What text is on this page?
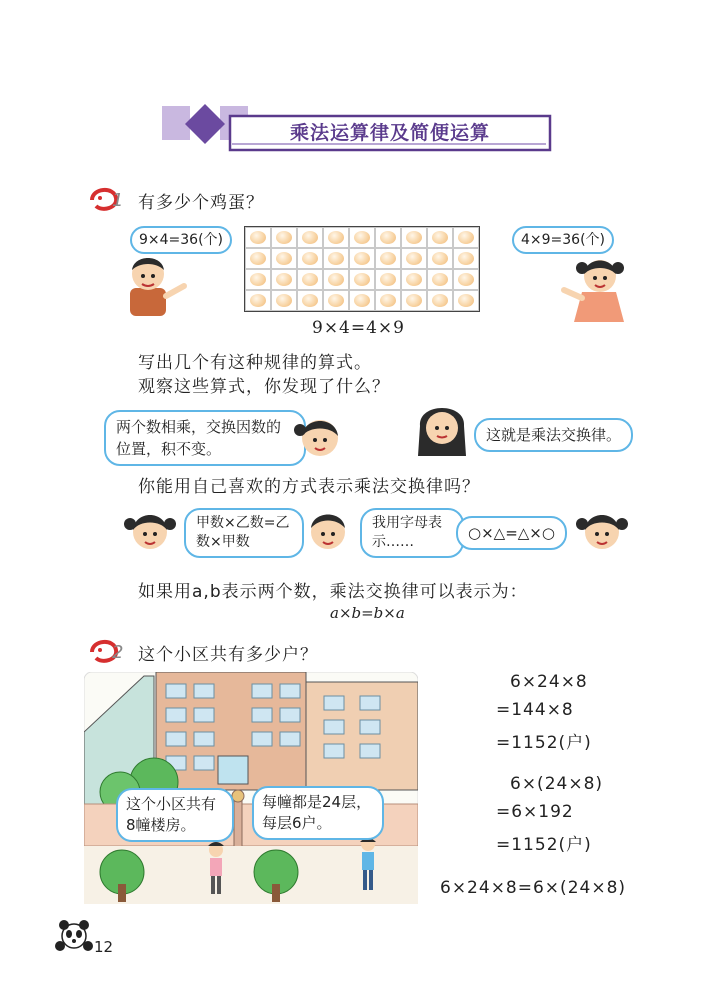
乘法运算律及简便运算
1 有多少个鸡蛋？
9×4=36(个)	4×9=36(个)
9×4=4×9
写出几个有这种规律的算式。
观察这些算式，你发现了什么？
两个数相乘，交换因数的位置，积不变。
这就是乘法交换律。
你能用自己喜欢的方式表示乘法交换律吗？
甲数×乙数=乙数×甲数
我用字母表示……	○×△=△×○
如果用a,b表示两个数，乘法交换律可以表示为：
a×b=b×a
2 这个小区共有多少户？
这个小区共有8幢楼房。
每幢都是24层，每层6户。
6×24×8
=144×8
=1152(户)
6×(24×8)
=6×192
=1152(户)
6×24×8=6×(24×8)
12
